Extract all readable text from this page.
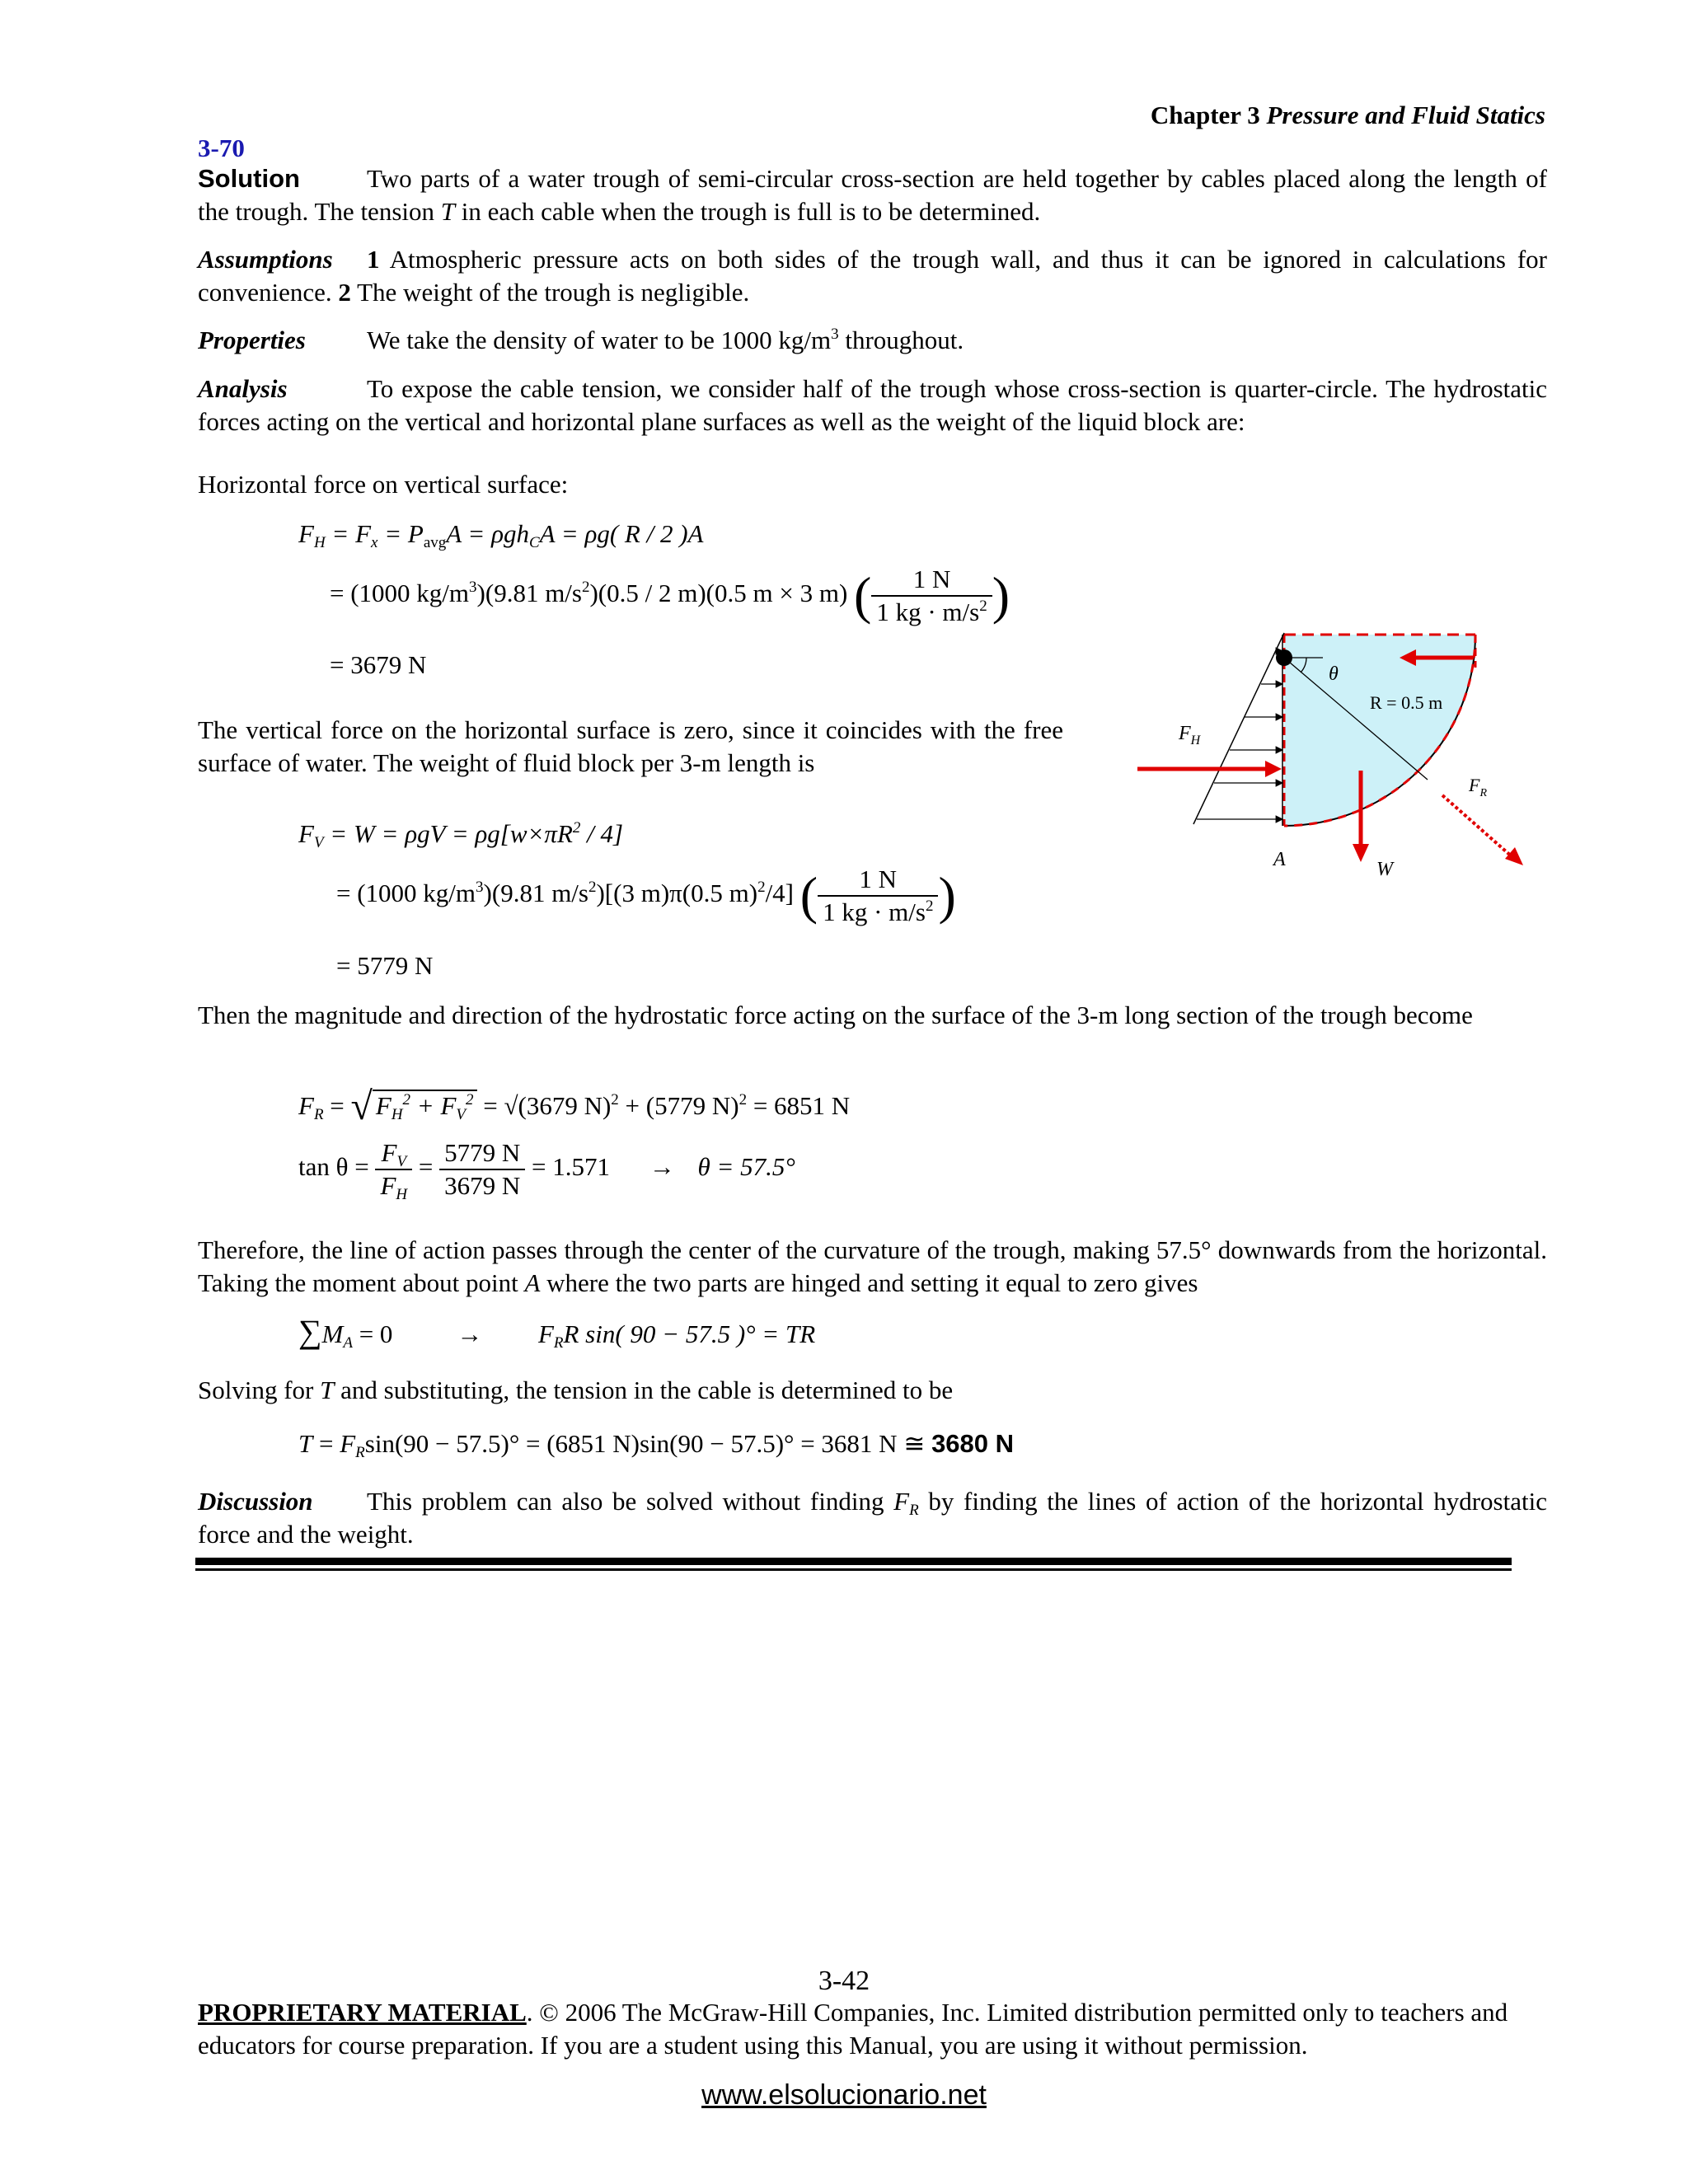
Chapter 3 Pressure and Fluid Statics
3-70
Solution	Two parts of a water trough of semi-circular cross-section are held together by cables placed along the length of the trough. The tension T in each cable when the trough is full is to be determined.
Assumptions 1 Atmospheric pressure acts on both sides of the trough wall, and thus it can be ignored in calculations for convenience. 2 The weight of the trough is negligible.
Properties We take the density of water to be 1000 $kg/m^3$ throughout.
Analysis	To expose the cable tension, we consider half of the trough whose cross-section is quarter-circle. The hydrostatic forces acting on the vertical and horizontal plane surfaces as well as the weight of the liquid block are:
Horizontal force on vertical surface:
$F_H = F_x = P_{avg}A = \rho gh_CA = \rho g$( R / 2 )A
= (1000 $kg/m^3)(9.81$ $m/s^2)(0.5 / 2$ m)(0.5 m × 3 m) ( $\frac{1 N}{1 kg \cdot m/s^2}$ )
= 3679 N
The vertical force on the horizontal surface is zero, since it coincides with the free surface of water. The weight of fluid block per 3-m length is
$F_V = W = \rho gV = \rho g[w\times\pi R^2 / 4]$
= (1000 $kg/m^3)(9.81$ $m/s^2)[(3$ m)π(0.5 m)$^2$/4] ( $\frac{1 N}{1 kg \cdot m/s^2}$ )
= 5779 N
Then the magnitude and direction of the hydrostatic force acting on the surface of the 3-m long section of the trough become
$F_R$ = √ $F_H^2 + F_V^2 = √(3679$ N)$^2$ + (5779 N)$^2$ = 6851 N
$\tan \theta = \frac{F_V}{F_H} = \frac{5779 N}{3679 N} = 1.571 \to \theta = 57.5^\circ$
Therefore, the line of action passes through the center of the curvature of the trough, making 57.5° downwards from the horizontal. Taking the moment about point A where the two parts are hinged and setting it equal to zero gives
$\sum M_A = 0$	→ $F_RR$ sin( 90 − 57.5 )° = TR
Solving for T and substituting, the tension in the cable is determined to be
$T = F_R\sin(90 - 57.5)^\circ = (6851$ N)sin(90 − 57.5)° = 3681 N ≅ 3680 N
Discussion This problem can also be solved without finding $F_R$ by finding the lines of action of the horizontal hydrostatic force and the weight.
θ
R = 0.5 m
$F_H$
$F_R$
A	W
3-42
PROPRIETARY MATERIAL. © 2006 The McGraw-Hill Companies, Inc. Limited distribution permitted only to teachers and educators for course preparation. If you are a student using this Manual, you are using it without permission.
www.elsolucionario.net
